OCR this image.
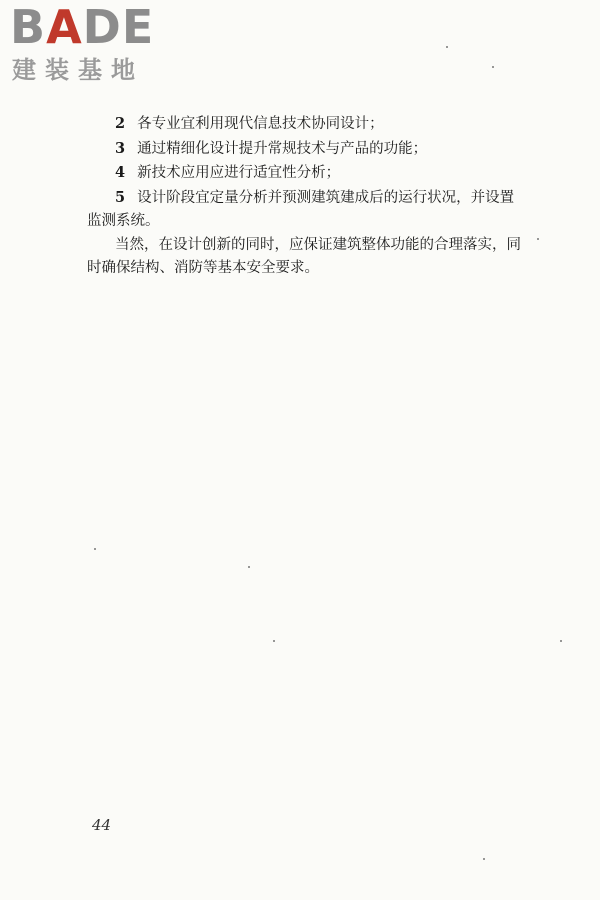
BADE
建装基地

2 各专业宜利用现代信息技术协同设计；

3 通过精细化设计提升常规技术与产品的功能；

4 新技术应用应进行适宜性分析；

5 设计阶段宜定量分析并预测建筑建成后的运行状况，并设置监测系统。

当然，在设计创新的同时，应保证建筑整体功能的合理落实，同时确保结构、消防等基本安全要求。

44
